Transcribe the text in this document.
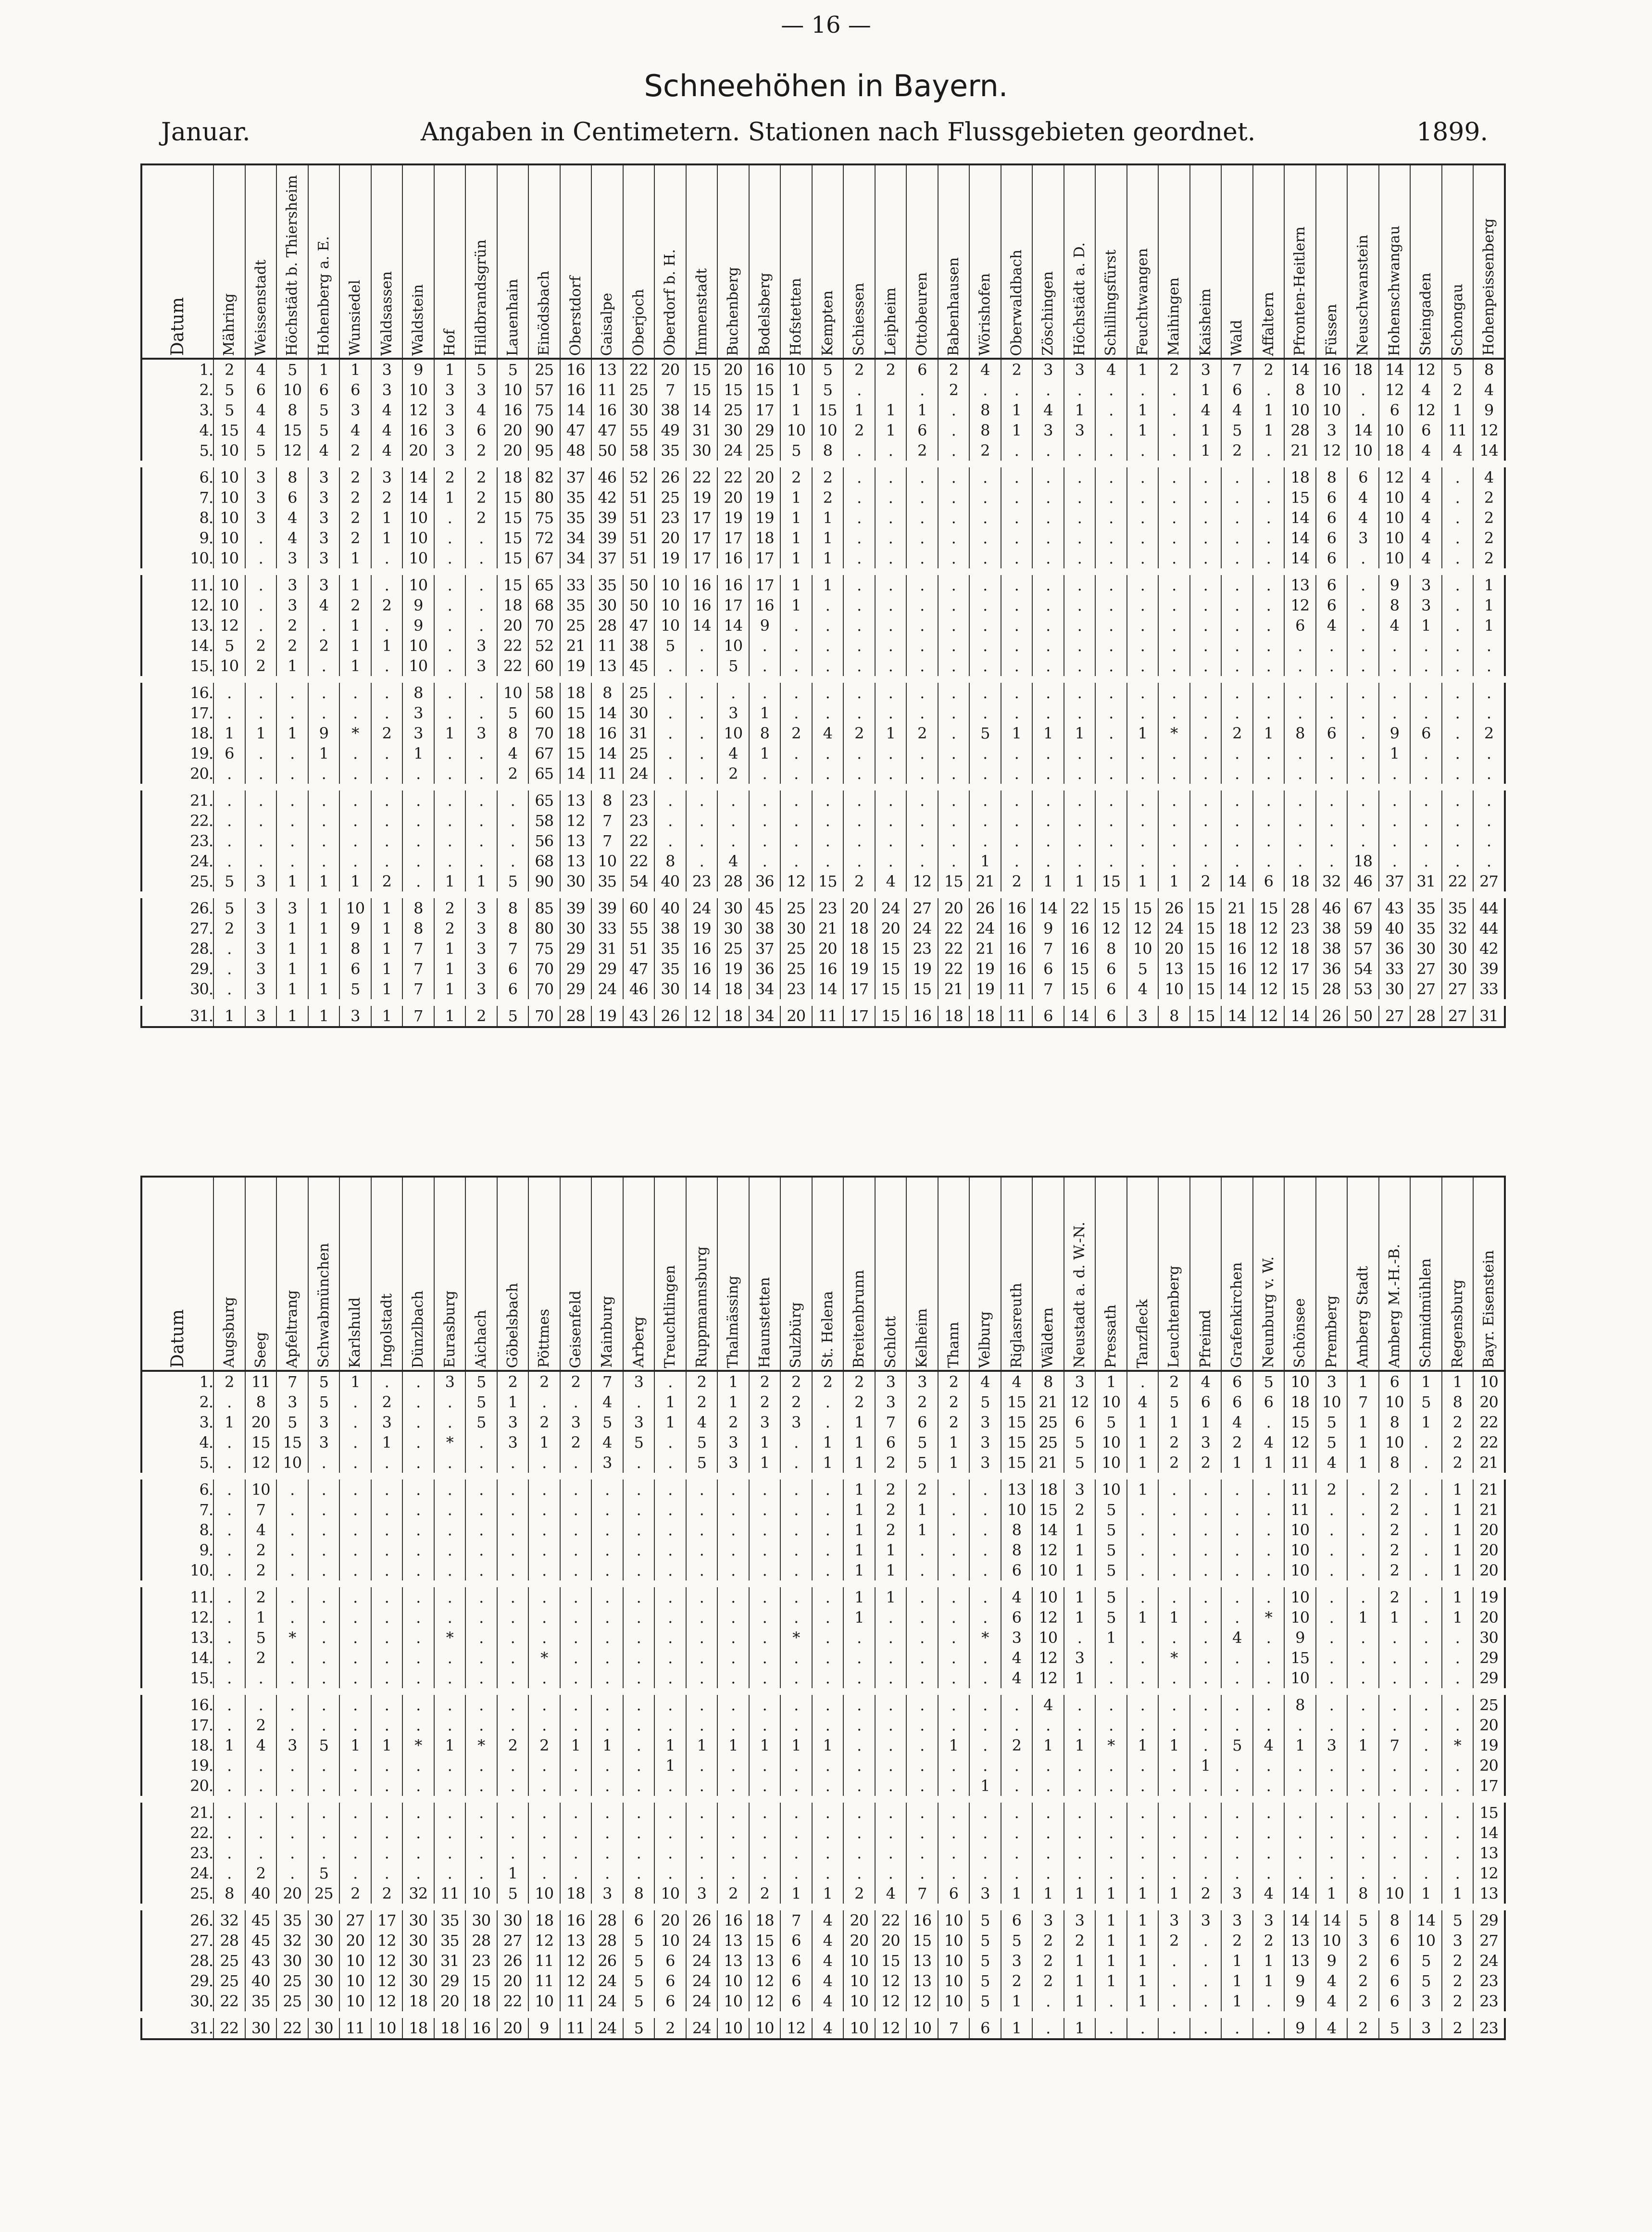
— 16 —
Schneehöhen in Bayern.
Januar.	Angaben in Centimetern. Stationen nach Flussgebieten geordnet.	1899.
Datum	Mähring	Weissenstadt	Höchstädt b. Thiersheim	Hohenberg a. E.	Wunsiedel	Waldsassen	Waldstein	Hof	Hildbrandsgrün	Lauenhain	Einödsbach	Oberstdorf	Gaisalpe	Oberjoch	Oberdorf b. H.	Immenstadt	Buchenberg	Bodelsberg	Hofstetten	Kempten	Schiessen	Leipheim	Ottobeuren	Babenhausen	Wörishofen	Oberwaldbach	Zöschingen	Höchstädt a. D.	Schillingsfürst	Feuchtwangen	Maihingen	Kaisheim	Wald	Affaltern	Pfronten-Heitlern	Füssen	Neuschwanstein	Hohenschwangau	Steingaden	Schongau	Hohenpeissenberg
1.	2	4	5	1	1	3	9	1	5	5	25	16	13	22	20	15	20	16	10	5	2	2	6	2	4	2	3	3	4	1	2	3	7	2	14	16	18	14	12	5	8
2.	5	6	10	6	6	3	10	3	3	10	57	16	11	25	7	15	15	15	1	5	.		.	2	.	.	.	.	.	.	.	1	6	.	8	10	.	12	4	2	4
3.	5	4	8	5	3	4	12	3	4	16	75	14	16	30	38	14	25	17	1	15	1	1	1	.	8	1	4	1	.	1	.	4	4	1	10	10	.	6	12	1	9
4.	15	4	15	5	4	4	16	3	6	20	90	47	47	55	49	31	30	29	10	10	2	1	6	.	8	1	3	3	.	1	.	1	5	1	28	3	14	10	6	11	12
5.	10	5	12	4	2	4	20	3	2	20	95	48	50	58	35	30	24	25	5	8	.	.	2	.	2	.	.	.	.	.	.	1	2	.	21	12	10	18	4	4	14
6.	10	3	8	3	2	3	14	2	2	18	82	37	46	52	26	22	22	20	2	2	.	.	.	.	.	.	.	.	.	.	.	.	.	.	18	8	6	12	4	.	4
7.	10	3	6	3	2	2	14	1	2	15	80	35	42	51	25	19	20	19	1	2	.	.	.	.	.	.	.	.	.	.	.	.	.	.	15	6	4	10	4	.	2
8.	10	3	4	3	2	1	10	.	2	15	75	35	39	51	23	17	19	19	1	1	.	.	.	.	.	.	.	.	.	.	.	.	.	.	14	6	4	10	4	.	2
9.	10	.	4	3	2	1	10	.	.	15	72	34	39	51	20	17	17	18	1	1	.	.	.	.	.	.	.	.	.	.	.	.	.	.	14	6	3	10	4	.	2
10.	10	.	3	3	1	.	10	.	.	15	67	34	37	51	19	17	16	17	1	1	.	.	.	.	.	.	.	.	.	.	.	.	.	.	14	6	.	10	4	.	2
11.	10	.	3	3	1	.	10	.	.	15	65	33	35	50	10	16	16	17	1	1	.	.	.	.	.	.	.	.	.	.	.	.	.	.	13	6	.	9	3	.	1
12.	10	.	3	4	2	2	9	.	.	18	68	35	30	50	10	16	17	16	1	.	.	.	.	.	.	.	.	.	.	.	.	.	.	.	12	6	.	8	3	.	1
13.	12	.	2	.	1	.	9	.	.	20	70	25	28	47	10	14	14	9	.	.	.	.	.	.	.	.	.	.	.	.	.	.	.	.	6	4	.	4	1	.	1
14.	5	2	2	2	1	1	10	.	3	22	52	21	11	38	5	.	10	.	.	.	.	.	.	.	.	.	.	.	.	.	.	.	.	.	.	.	.	.	.	.	.
15.	10	2	1	.	1	.	10	.	3	22	60	19	13	45	.	.	5	.	.	.	.	.	.	.	.	.	.	.	.	.	.	.	.	.	.	.	.	.	.	.	.
16.	.	.	.	.	.	.	8	.	.	10	58	18	8	25	.	.	.	.	.	.	.	.	.	.	.	.	.	.	.	.	.	.	.	.	.	.	.	.	.	.	.
17.	.	.	.	.	.	.	3	.	.	5	60	15	14	30	.	.	3	1	.	.	.	.	.	.	.	.	.	.	.	.	.	.	.	.	.	.	.	.	.	.	.
18.	1	1	1	9	*	2	3	1	3	8	70	18	16	31	.	.	10	8	2	4	2	1	2	.	5	1	1	1	.	1	*	.	2	1	8	6	.	9	6	.	2
19.	6	.	.	1	.	.	1	.	.	4	67	15	14	25	.	.	4	1	.	.	.	.	.	.	.	.	.	.	.	.	.	.	.	.	.	.	.	1	.	.	.
20.	.	.	.	.	.	.	.	.	.	2	65	14	11	24	.	.	2	.	.	.	.	.	.	.	.	.	.	.	.	.	.	.	.	.	.	.	.	.	.	.	.
21.	.	.	.	.	.	.	.	.	.	.	65	13	8	23	.	.	.	.	.	.	.	.	.	.	.	.	.	.	.	.	.	.	.	.	.	.	.	.	.	.	.
22.	.	.	.	.	.	.	.	.	.	.	58	12	7	23	.	.	.	.	.	.	.	.	.	.	.	.	.	.	.	.	.	.	.	.	.	.	.	.	.	.	.
23.	.	.	.	.	.	.	.	.	.	.	56	13	7	22	.	.	.	.	.	.	.	.	.	.	.	.	.	.	.	.	.	.	.	.	.	.	.	.	.	.	.
24.	.	.	.	.	.	.	.	.	.	.	68	13	10	22	8	.	4	.	.	.	.	.	.	.	1	.	.	.	.	.	.	.	.	.	.	.	18	.	.	.	.
25.	5	3	1	1	1	2	.	1	1	5	90	30	35	54	40	23	28	36	12	15	2	4	12	15	21	2	1	1	15	1	1	2	14	6	18	32	46	37	31	22	27
26.	5	3	3	1	10	1	8	2	3	8	85	39	39	60	40	24	30	45	25	23	20	24	27	20	26	16	14	22	15	15	26	15	21	15	28	46	67	43	35	35	44
27.	2	3	1	1	9	1	8	2	3	8	80	30	33	55	38	19	30	38	30	21	18	20	24	22	24	16	9	16	12	12	24	15	18	12	23	38	59	40	35	32	44
28.	.	3	1	1	8	1	7	1	3	7	75	29	31	51	35	16	25	37	25	20	18	15	23	22	21	16	7	16	8	10	20	15	16	12	18	38	57	36	30	30	42
29.	.	3	1	1	6	1	7	1	3	6	70	29	29	47	35	16	19	36	25	16	19	15	19	22	19	16	6	15	6	5	13	15	16	12	17	36	54	33	27	30	39
30.	.	3	1	1	5	1	7	1	3	6	70	29	24	46	30	14	18	34	23	14	17	15	15	21	19	11	7	15	6	4	10	15	14	12	15	28	53	30	27	27	33
31.	1	3	1	1	3	1	7	1	2	5	70	28	19	43	26	12	18	34	20	11	17	15	16	18	18	11	6	14	6	3	8	15	14	12	14	26	50	27	28	27	31
Datum	Augsburg	Seeg	Apfeltrang	Schwabmünchen	Karlshuld	Ingolstadt	Dünzlbach	Eurasburg	Aichach	Göbelsbach	Pöttmes	Geisenfeld	Mainburg	Arberg	Treuchtlingen	Ruppmannsburg	Thalmässing	Haunstetten	Sulzbürg	St. Helena	Breitenbrunn	Schlott	Kelheim	Thann	Velburg	Riglasreuth	Wäldern	Neustadt a. d. W.-N.	Pressath	Tanzfleck	Leuchtenberg	Pfreimd	Grafenkirchen	Neunburg v. W.	Schönsee	Premberg	Amberg Stadt	Amberg M.-H.-B.	Schmidmühlen	Regensburg	Bayr. Eisenstein
1.	2	11	7	5	1	.	.	3	5	2	2	2	7	3	.	2	1	2	2	2	2	3	3	2	4	4	8	3	1	.	2	4	6	5	10	3	1	6	1	1	10
2.	.	8	3	5	.	2	.	.	5	1	.	.	4	.	1	2	1	2	2	.	2	3	2	2	5	15	21	12	10	4	5	6	6	6	18	10	7	10	5	8	20
3.	1	20	5	3	.	3	.	.	5	3	2	3	5	3	1	4	2	3	3	.	1	7	6	2	3	15	25	6	5	1	1	1	4	.	15	5	1	8	1	2	22
4.	.	15	15	3	.	1	.	*	.	3	1	2	4	5	.	5	3	1	.	1	1	6	5	1	3	15	25	5	10	1	2	3	2	4	12	5	1	10	.	2	22
5.	.	12	10	.	.	.	.	.	.	.	.	.	3	.	.	5	3	1	.	1	1	2	5	1	3	15	21	5	10	1	2	2	1	1	11	4	1	8	.	2	21
6.	.	10	.	.	.	.	.	.	.	.	.	.	.	.	.	.	.	.	.	.	1	2	2	.	.	13	18	3	10	1	.	.	.	.	11	2	.	2	.	1	21
7.	.	7	.	.	.	.	.	.	.	.	.	.	.	.	.	.	.	.	.	.	1	2	1	.	.	10	15	2	5	.	.	.	.	.	11	.	.	2	.	1	21
8.	.	4	.	.	.	.	.	.	.	.	.	.	.	.	.	.	.	.	.	.	1	2	1	.	.	8	14	1	5	.	.	.	.	.	10	.	.	2	.	1	20
9.	.	2	.	.	.	.	.	.	.	.	.	.	.	.	.	.	.	.	.	.	1	1	.	.	.	8	12	1	5	.	.	.	.	.	10	.	.	2	.	1	20
10.	.	2	.	.	.	.	.	.	.	.	.	.	.	.	.	.	.	.	.	.	1	1	.	.	.	6	10	1	5	.	.	.	.	.	10	.	.	2	.	1	20
11.	.	2	.	.	.	.	.	.	.	.	.	.	.	.	.	.	.	.	.	.	1	1	.	.	.	4	10	1	5	.	.	.	.	.	10	.	.	2	.	1	19
12.	.	1	.	.	.	.	.	.	.	.	.	.	.	.	.	.	.	.	.	.	1	.	.	.	.	6	12	1	5	1	1	.	.	*	10	.	1	1	.	1	20
13.	.	5	*	.	.	.	.	*	.	.	.	.	.	.	.	.	.	.	*	.	.	.	.	.	*	3	10	.	1	.	.	.	4	.	9	.	.	.	.	.	30
14.	.	2	.	.	.	.	.	.	.	.	*	.	.	.	.	.	.	.	.	.	.	.	.	.	.	4	12	3	.	.	*	.	.	.	15	.	.	.	.	.	29
15.	.	.	.	.	.	.	.	.	.	.	.	.	.	.	.	.	.	.	.	.	.	.	.	.	.	4	12	1	.	.	.	.	.	.	10	.	.	.	.	.	29
16.	.	.	.	.	.	.	.	.	.	.	.	.	.	.	.	.	.	.	.	.	.	.	.	.	.	.	4	.	.	.	.	.	.	.	8	.	.	.	.	.	25
17.	.	2	.	.	.	.	.	.	.	.	.	.	.	.	.	.	.	.	.	.	.	.	.	.	.	.	.	.	.	.	.	.	.	.	.	.	.	.	.	.	20
18.	1	4	3	5	1	1	*	1	*	2	2	1	1	.	1	1	1	1	1	1	.	.	.	1	.	2	1	1	*	1	1	.	5	4	1	3	1	7	.	*	19
19.	.	.	.	.	.	.	.	.	.	.	.	.	.	.	1	.	.	.	.	.	.	.	.	.	.	.	.	.	.	.	.	1	.	.	.	.	.	.	.	.	20
20.	.	.	.	.	.	.	.	.	.	.	.	.	.	.	.	.	.	.	.	.	.	.	.	.	1	.	.	.	.	.	.	.	.	.	.	.	.	.	.	.	17
21.	.	.	.	.	.	.	.	.	.	.	.	.	.	.	.	.	.	.	.	.	.	.	.	.	.	.	.	.	.	.	.	.	.	.	.	.	.	.	.	.	15
22.	.	.	.	.	.	.	.	.	.	.	.	.	.	.	.	.	.	.	.	.	.	.	.	.	.	.	.	.	.	.	.	.	.	.	.	.	.	.	.	.	14
23.	.	.	.	.	.	.	.	.	.	.	.	.	.	.	.	.	.	.	.	.	.	.	.	.	.	.	.	.	.	.	.	.	.	.	.	.	.	.	.	.	13
24.	.	2	.	5	.	.	.	.	.	1	.	.	.	.	.	.	.	.	.	.	.	.	.	.	.	.	.	.	.	.	.	.	.	.	.	.	.	.	.	.	12
25.	8	40	20	25	2	2	32	11	10	5	10	18	3	8	10	3	2	2	1	1	2	4	7	6	3	1	1	1	1	1	1	2	3	4	14	1	8	10	1	1	13
26.	32	45	35	30	27	17	30	35	30	30	18	16	28	6	20	26	16	18	7	4	20	22	16	10	5	6	3	3	1	1	3	3	3	3	14	14	5	8	14	5	29
27.	28	45	32	30	20	12	30	35	28	27	12	13	28	5	10	24	13	15	6	4	20	20	15	10	5	5	2	2	1	1	2	.	2	2	13	10	3	6	10	3	27
28.	25	43	30	30	10	12	30	31	23	26	11	12	26	5	6	24	13	13	6	4	10	15	13	10	5	3	2	1	1	1	.	.	1	1	13	9	2	6	5	2	24
29.	25	40	25	30	10	12	30	29	15	20	11	12	24	5	6	24	10	12	6	4	10	12	13	10	5	2	2	1	1	1	.	.	1	1	9	4	2	6	5	2	23
30.	22	35	25	30	10	12	18	20	18	22	10	11	24	5	6	24	10	12	6	4	10	12	12	10	5	1	.	1	.	1	.	.	1	.	9	4	2	6	3	2	23
31.	22	30	22	30	11	10	18	18	16	20	9	11	24	5	2	24	10	10	12	4	10	12	10	7	6	1	.	1	.	.	.	.	.	.	9	4	2	5	3	2	23
